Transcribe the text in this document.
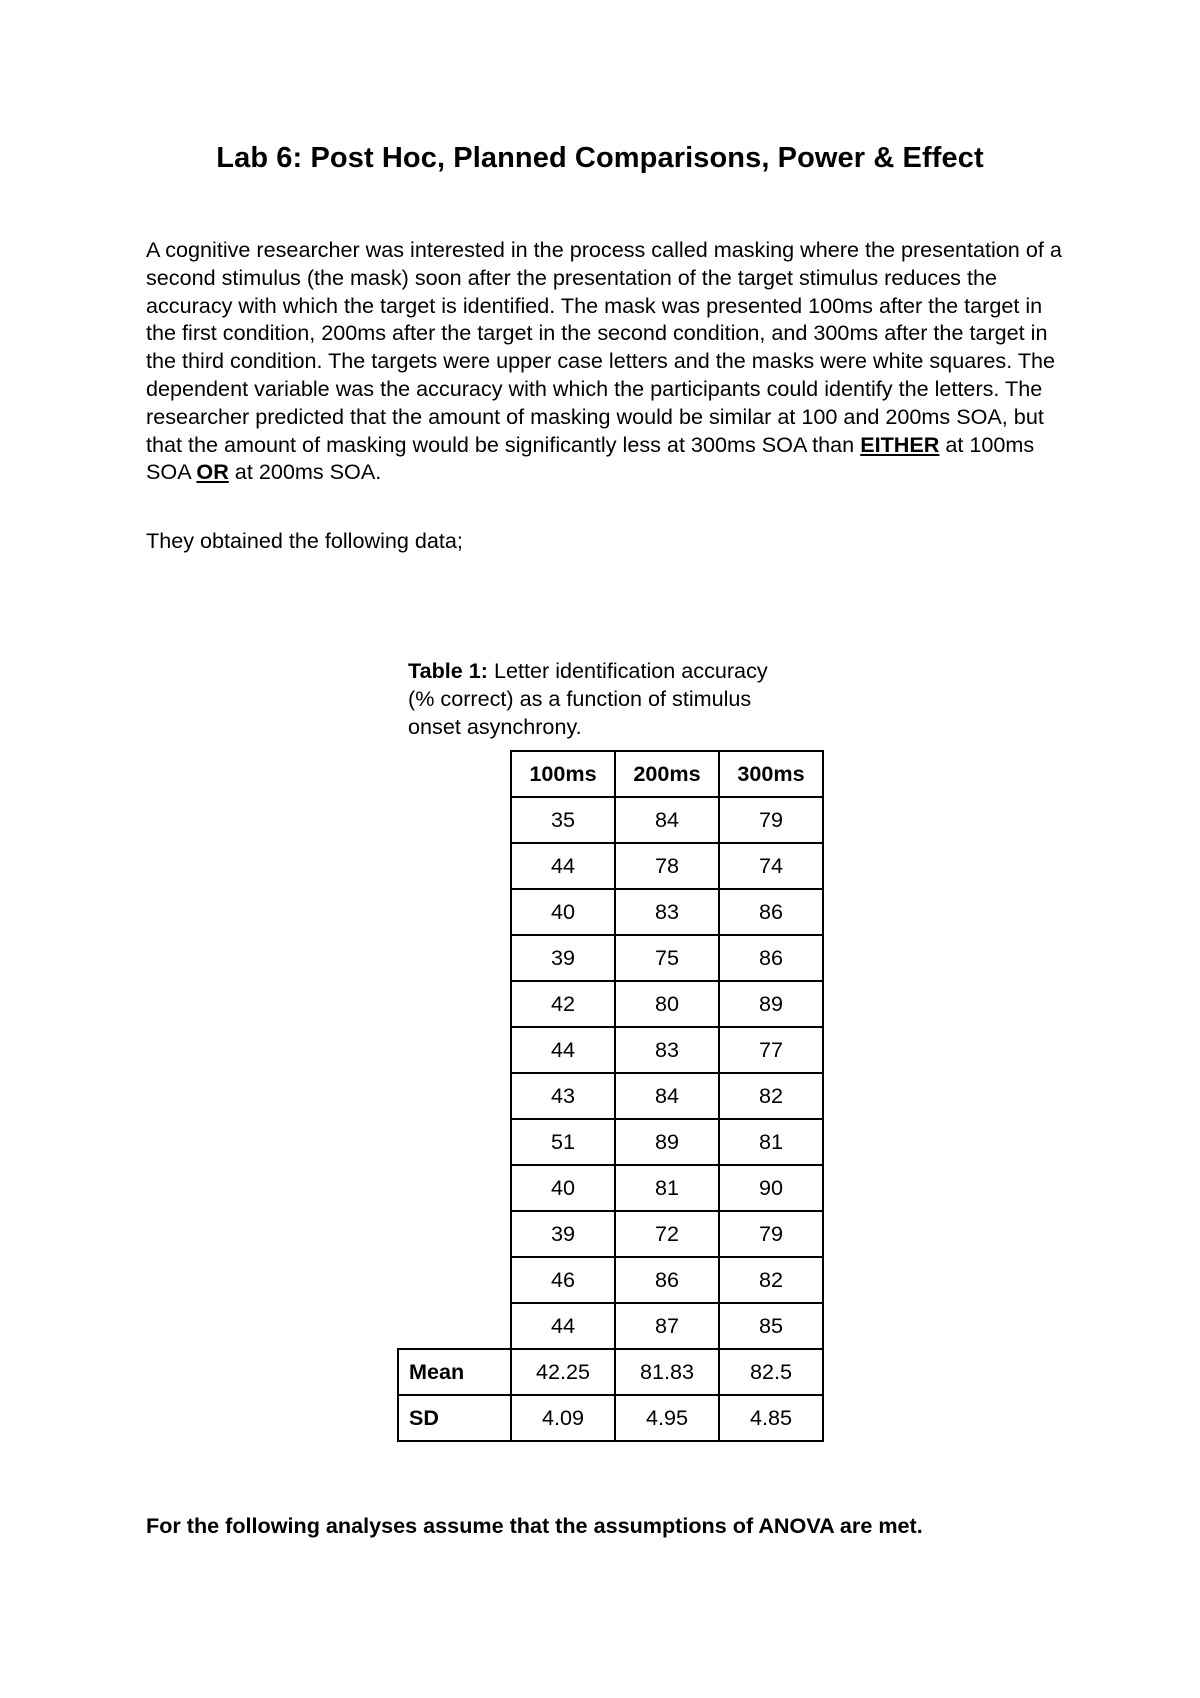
Lab 6: Post Hoc, Planned Comparisons, Power & Effect
A cognitive researcher was interested in the process called masking where the presentation of a second stimulus (the mask) soon after the presentation of the target stimulus reduces the accuracy with which the target is identified. The mask was presented 100ms after the target in the first condition, 200ms after the target in the second condition, and 300ms after the target in the third condition. The targets were upper case letters and the masks were white squares. The dependent variable was the accuracy with which the participants could identify the letters. The researcher predicted that the amount of masking would be similar at 100 and 200ms SOA, but that the amount of masking would be significantly less at 300ms SOA than EITHER at 100ms SOA OR at 200ms SOA.
They obtained the following data;
Table 1: Letter identification accuracy (% correct) as a function of stimulus onset asynchrony.
	100ms	200ms	300ms
	35	84	79
	44	78	74
	40	83	86
	39	75	86
	42	80	89
	44	83	77
	43	84	82
	51	89	81
	40	81	90
	39	72	79
	46	86	82
	44	87	85
Mean	42.25	81.83	82.5
SD	4.09	4.95	4.85
For the following analyses assume that the assumptions of ANOVA are met.
